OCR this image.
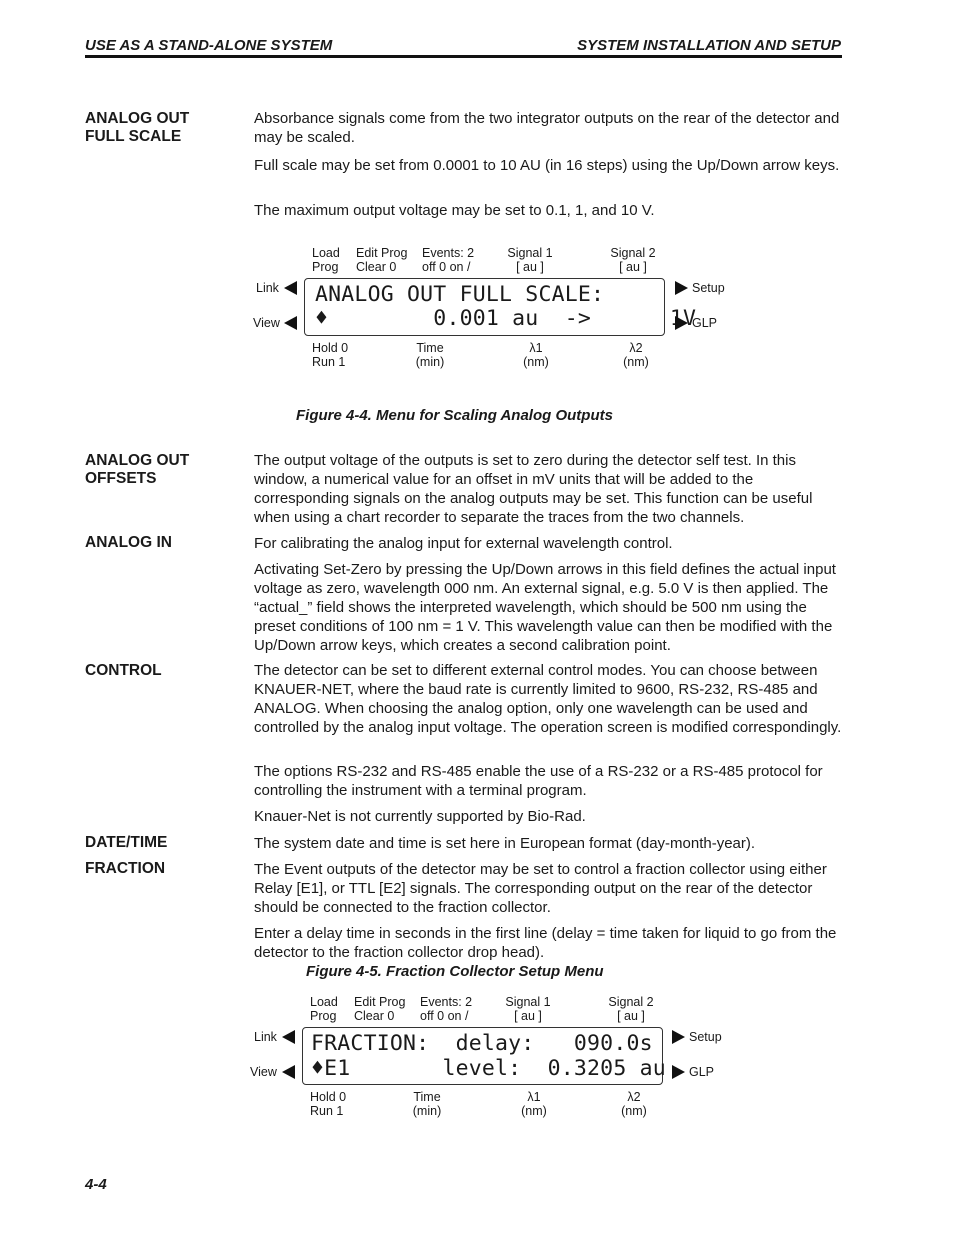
USE AS A STAND-ALONE SYSTEM	SYSTEM INSTALLATION AND SETUP
ANALOG OUT
FULL SCALE

Absorbance signals come from the two integrator outputs on the rear of the detector and may be scaled.

Full scale may be set from 0.0001 to 10 AU (in 16 steps) using the Up/Down arrow keys.

The maximum output voltage may be set to 0.1, 1, and 10 V.

Load
Prog
Edit Prog
Clear 0
Events: 2
off 0 on /
Signal 1
[ au ]
Signal 2
[ au ]
Link
View
ANALOG OUT FULL SCALE:
♦        0.001 au  ->      1V
Setup
GLP
Hold 0
Run 1
Time
(min)
λ1
(nm)
λ2
(nm)
Figure 4-4. Menu for Scaling Analog Outputs
ANALOG OUT
OFFSETS

The output voltage of the outputs is set to zero during the detector self test. In this window, a numerical value for an offset in mV units that will be added to the corresponding signals on the analog outputs may be set. This function can be useful when using a chart recorder to separate the traces from the two channels.

ANALOG IN	For calibrating the analog input for external wavelength control.

Activating Set-Zero by pressing the Up/Down arrows in this field defines the actual input voltage as zero, wavelength 000 nm. An external signal, e.g. 5.0 V is then applied. The “actual_” field shows the interpreted wavelength, which should be 500 nm using the preset conditions of 100 nm = 1 V. This wavelength value can then be modified with the Up/Down arrow keys, which creates a second calibration point.

CONTROL	The detector can be set to different external control modes. You can choose between KNAUER-NET, where the baud rate is currently limited to 9600, RS-232, RS-485 and ANALOG. When choosing the analog option, only one wavelength can be used and controlled by the analog input voltage. The operation screen is modified correspondingly.

The options RS-232 and RS-485 enable the use of a RS-232 or a RS-485 protocol for controlling the instrument with a terminal program.

Knauer-Net is not currently supported by Bio-Rad.

DATE/TIME	The system date and time is set here in European format (day-month-year).

FRACTION	The Event outputs of the detector may be set to control a fraction collector using either Relay [E1], or TTL [E2] signals. The corresponding output on the rear of the detector should be connected to the fraction collector.

Enter a delay time in seconds in the first line (delay = time taken for liquid to go from the detector to the fraction collector drop head).

Figure 4-5. Fraction Collector Setup Menu
Load
Prog
Edit Prog
Clear 0
Events: 2
off 0 on /
Signal 1
[ au ]
Signal 2
[ au ]
Link
View
FRACTION:  delay:   090.0s
♦E1       level:  0.3205 au
Setup
GLP
Hold 0
Run 1
Time
(min)
λ1
(nm)
λ2
(nm)
4-4
